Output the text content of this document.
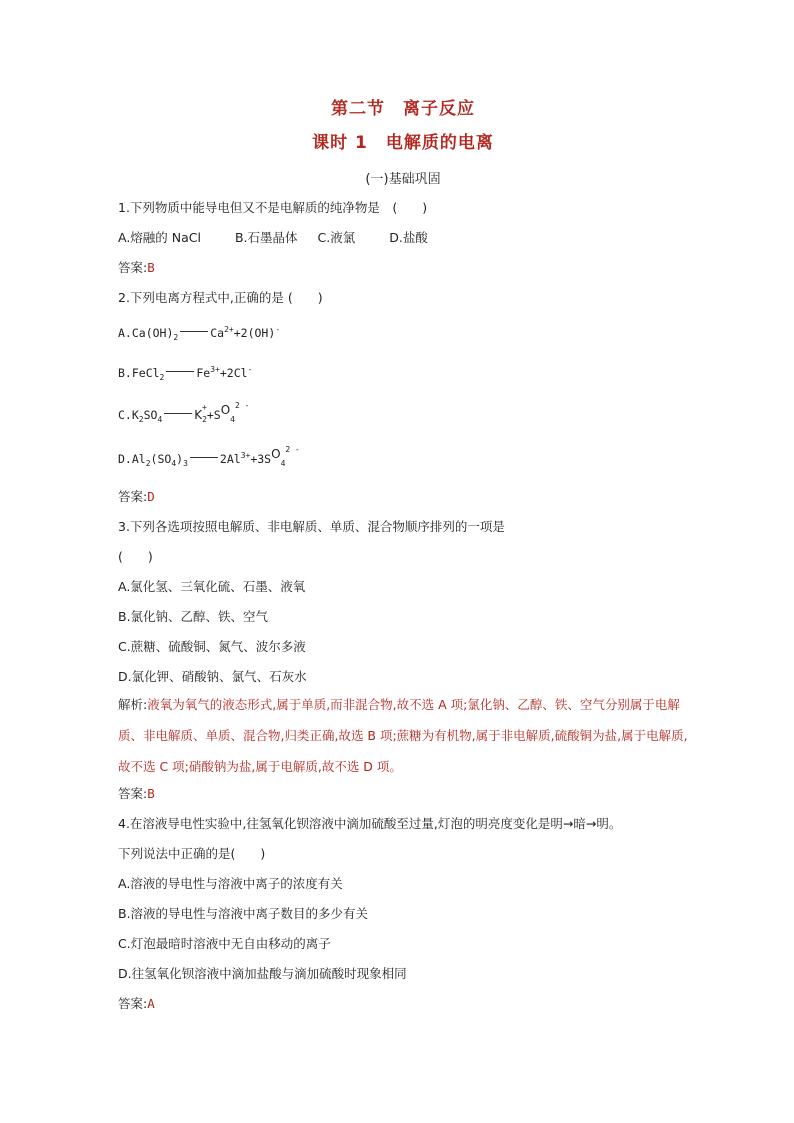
第二节　离子反应
课时 1　电解质的电离
(一)基础巩固
1.下列物质中能导电但又不是电解质的纯净物是　(　　)
A.熔融的 NaCl	B.石墨晶体 C.液氯	D.盐酸
答案:B
2.下列电离方程式中,正确的是 (　　)
$A.Ca(OH)_2$	$Ca^{2+}+2(OH)^-$
B.FeCl$_2$	$Fe^{3+}+2Cl^-$
$C.K_2SO_4$	$K_2^++SO_4^{2 -}$
$D.Al_2(SO_4)_3$	$2Al^{3+}+3SO_4^{2 -}$
答案:D
3.下列各选项按照电解质、非电解质、单质、混合物顺序排列的一项是
(　　)
A.氯化氢、三氧化硫、石墨、液氧
B.氯化钠、乙醇、铁、空气
C.蔗糖、硫酸铜、氮气、波尔多液
D.氯化钾、硝酸钠、氯气、石灰水
解析:液氧为氧气的液态形式,属于单质,而非混合物,故不选 A 项;氯化钠、乙醇、铁、空气分别属于电解质、非电解质、单质、混合物,归类正确,故选 B 项;蔗糖为有机物,属于非电解质,硫酸铜为盐,属于电解质,故不选 C 项;硝酸钠为盐,属于电解质,故不选 D 项。
答案:B
4.在溶液导电性实验中,往氢氧化钡溶液中滴加硫酸至过量,灯泡的明亮度变化是明→暗→明。
下列说法中正确的是(　　)
A.溶液的导电性与溶液中离子的浓度有关
B.溶液的导电性与溶液中离子数目的多少有关
C.灯泡最暗时溶液中无自由移动的离子
D.往氢氧化钡溶液中滴加盐酸与滴加硫酸时现象相同
答案:A
